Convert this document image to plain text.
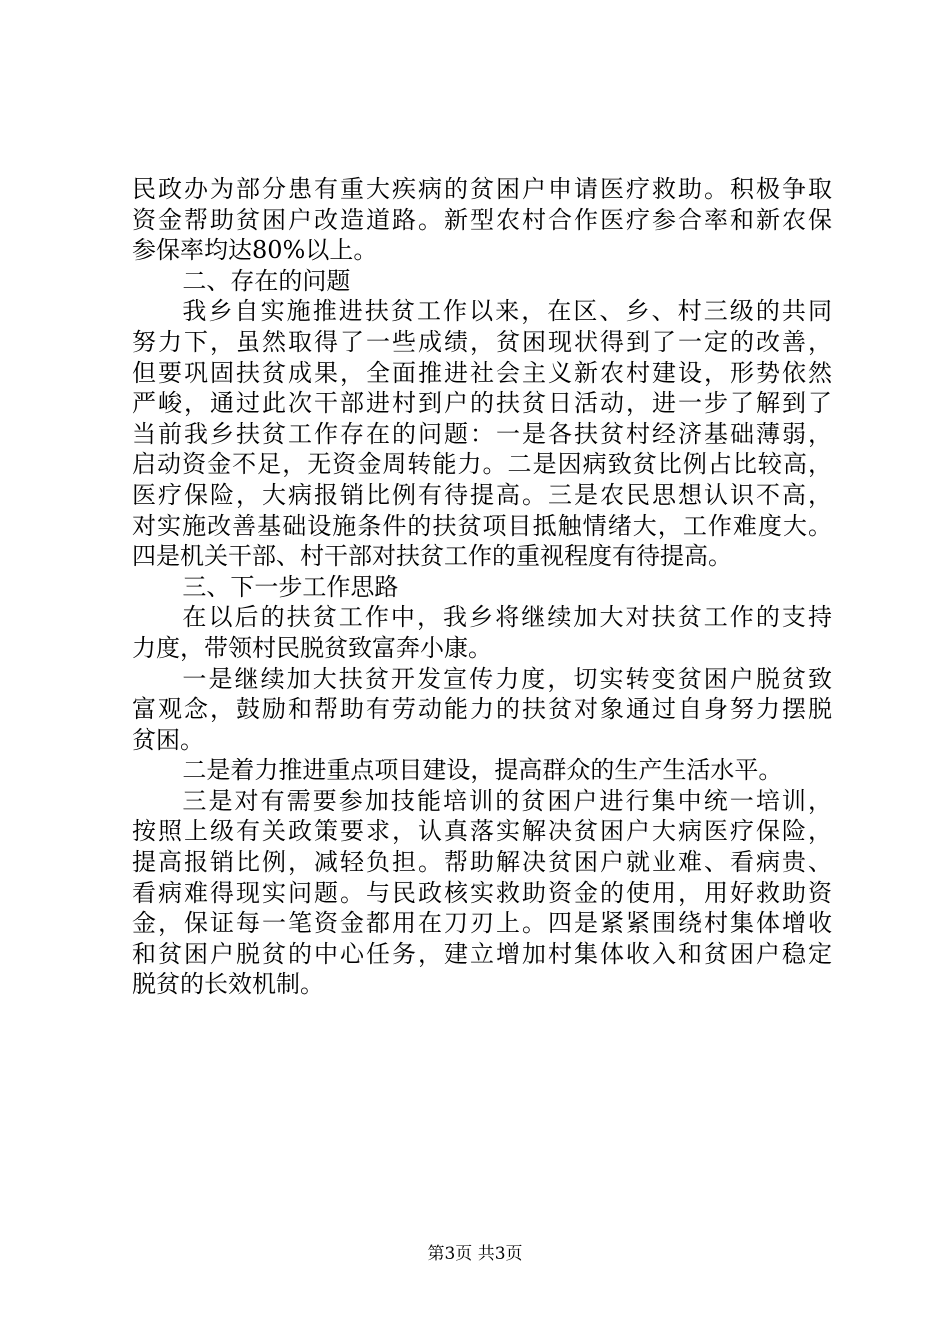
民政办为部分患有重大疾病的贫困户申请医疗救助。积极争取
资金帮助贫困户改造道路。新型农村合作医疗参合率和新农保
参保率均达80%以上。
二、存在的问题
我乡自实施推进扶贫工作以来，在区、乡、村三级的共同
努力下，虽然取得了一些成绩，贫困现状得到了一定的改善，
但要巩固扶贫成果，全面推进社会主义新农村建设，形势依然
严峻，通过此次干部进村到户的扶贫日活动，进一步了解到了
当前我乡扶贫工作存在的问题：一是各扶贫村经济基础薄弱，
启动资金不足，无资金周转能力。二是因病致贫比例占比较高，
医疗保险，大病报销比例有待提高。三是农民思想认识不高，
对实施改善基础设施条件的扶贫项目抵触情绪大，工作难度大。
四是机关干部、村干部对扶贫工作的重视程度有待提高。
三、下一步工作思路
在以后的扶贫工作中，我乡将继续加大对扶贫工作的支持
力度，带领村民脱贫致富奔小康。
一是继续加大扶贫开发宣传力度，切实转变贫困户脱贫致
富观念，鼓励和帮助有劳动能力的扶贫对象通过自身努力摆脱
贫困。
二是着力推进重点项目建设，提高群众的生产生活水平。
三是对有需要参加技能培训的贫困户进行集中统一培训，
按照上级有关政策要求，认真落实解决贫困户大病医疗保险，
提高报销比例，减轻负担。帮助解决贫困户就业难、看病贵、
看病难得现实问题。与民政核实救助资金的使用，用好救助资
金，保证每一笔资金都用在刀刃上。四是紧紧围绕村集体增收
和贫困户脱贫的中心任务，建立增加村集体收入和贫困户稳定
脱贫的长效机制。
第3页 共3页
